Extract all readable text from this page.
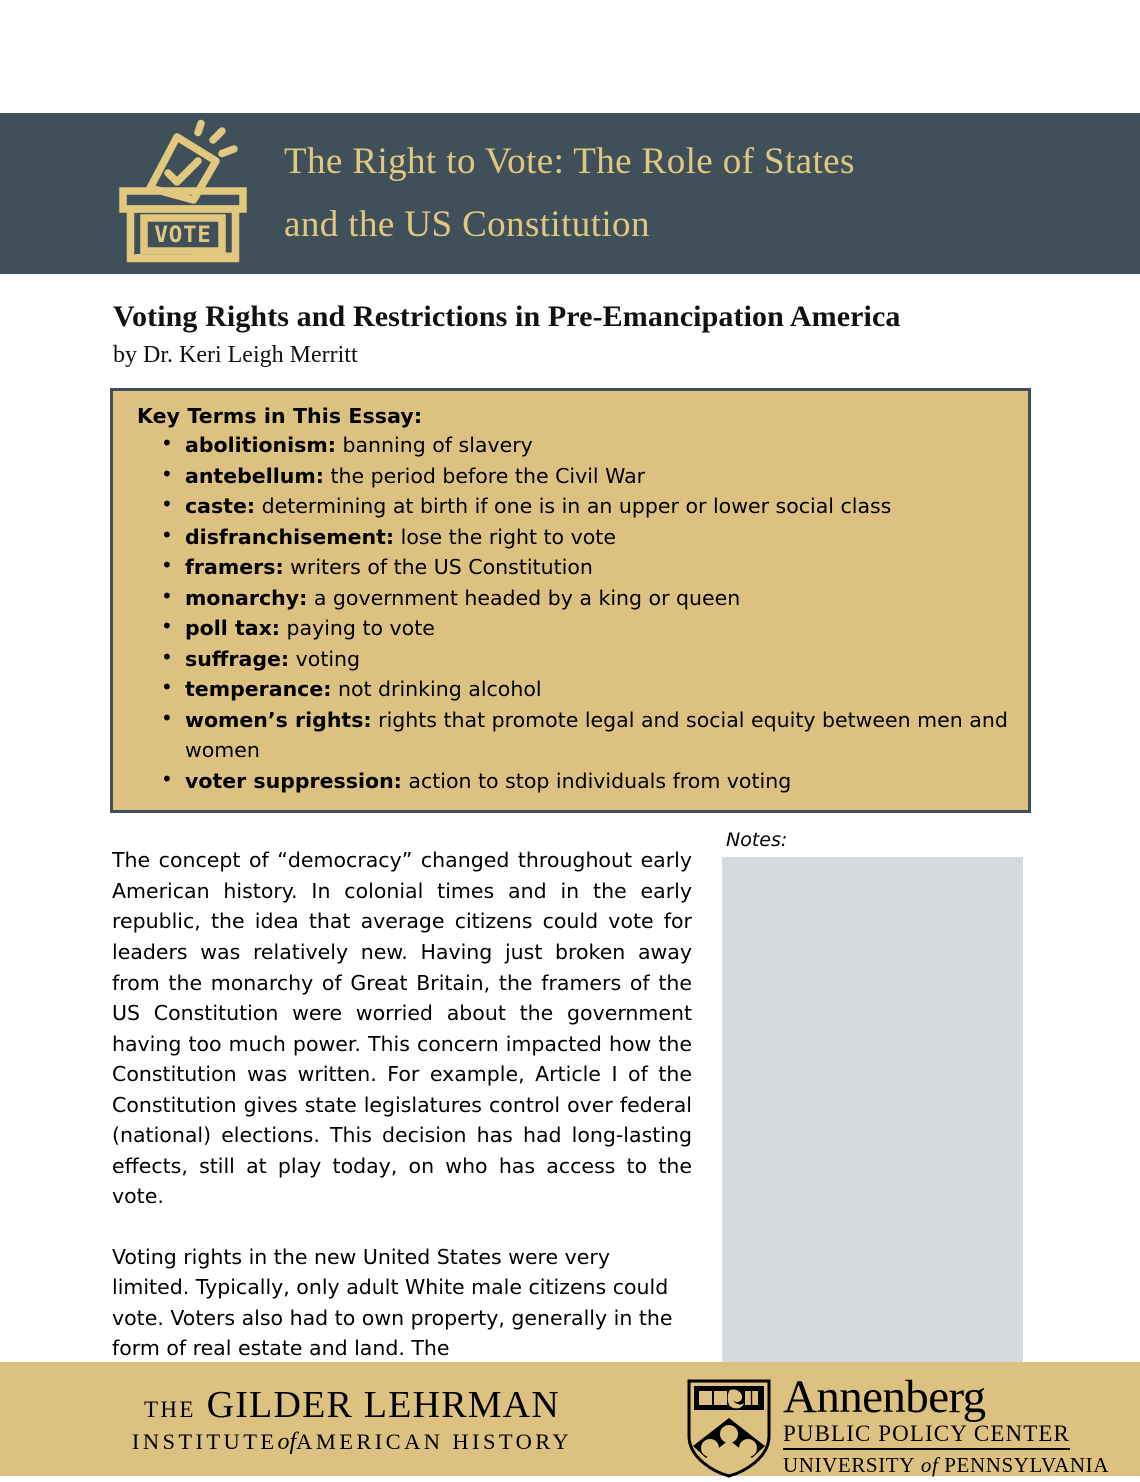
VOTE
The Right to Vote: The Role of States
and the US Constitution
Voting Rights and Restrictions in Pre-Emancipation America
by Dr. Keri Leigh Merritt
Key Terms in This Essay:
• abolitionism: banning of slavery
• antebellum: the period before the Civil War
• caste: determining at birth if one is in an upper or lower social class
• disfranchisement: lose the right to vote
• framers: writers of the US Constitution
• monarchy: a government headed by a king or queen
• poll tax: paying to vote
• suffrage: voting
• temperance: not drinking alcohol
• women’s rights: rights that promote legal and social equity between men and women
• voter suppression: action to stop individuals from voting

The concept of “democracy” changed throughout early American history. In colonial times and in the early republic, the idea that average citizens could vote for leaders was relatively new. Having just broken away from the monarchy of Great Britain, the framers of the US Constitution were worried about the government having too much power. This concern impacted how the Constitution was written. For example, Article I of the Constitution gives state legislatures control over federal (national) elections. This decision has had long-lasting effects, still at play today, on who has access to the vote.

Voting rights in the new United States were very limited. Typically, only adult White male citizens could vote. Voters also had to own property, generally in the form of real estate and land. The

Notes:
THE GILDER LEHRMAN
INSTITUTEofAMERICAN HISTORY
Annenberg
PUBLIC POLICY CENTER
UNIVERSITY of PENNSYLVANIA
